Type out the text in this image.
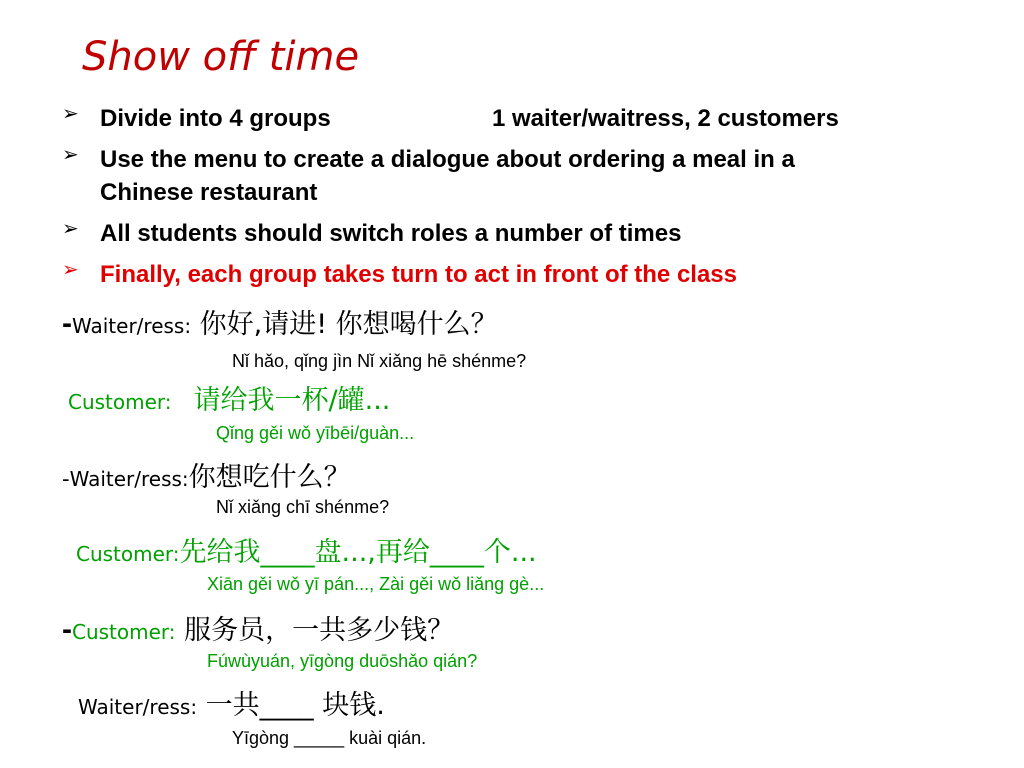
Show off time
➢ Divide into 4 groups	1 waiter/waitress, 2 customers
➢ Use the menu to create a dialogue about ordering a meal in a
Chinese restaurant
➢ All students should switch roles a number of times
➢ Finally, each group takes turn to act in front of the class
-Waiter/ress: 你好,请进! 你想喝什么？
Nǐ hǎo, qǐng jìn Nǐ xiǎng hē shénme?
Customer: 请给我一杯/罐...
Qǐng gěi wǒ yībēi/guàn...
-Waiter/ress:你想吃什么？
Nǐ xiǎng chī shénme?
Customer:先给我____盘...,再给____个...
Xiān gěi wǒ yī pán..., Zài gěi wǒ liǎng gè...
-Customer: 服务员，一共多少钱？
Fúwùyuán, yīgòng duōshǎo qián?
Waiter/ress: 一共____ 块钱.
Yīgòng _____ kuài qián.
